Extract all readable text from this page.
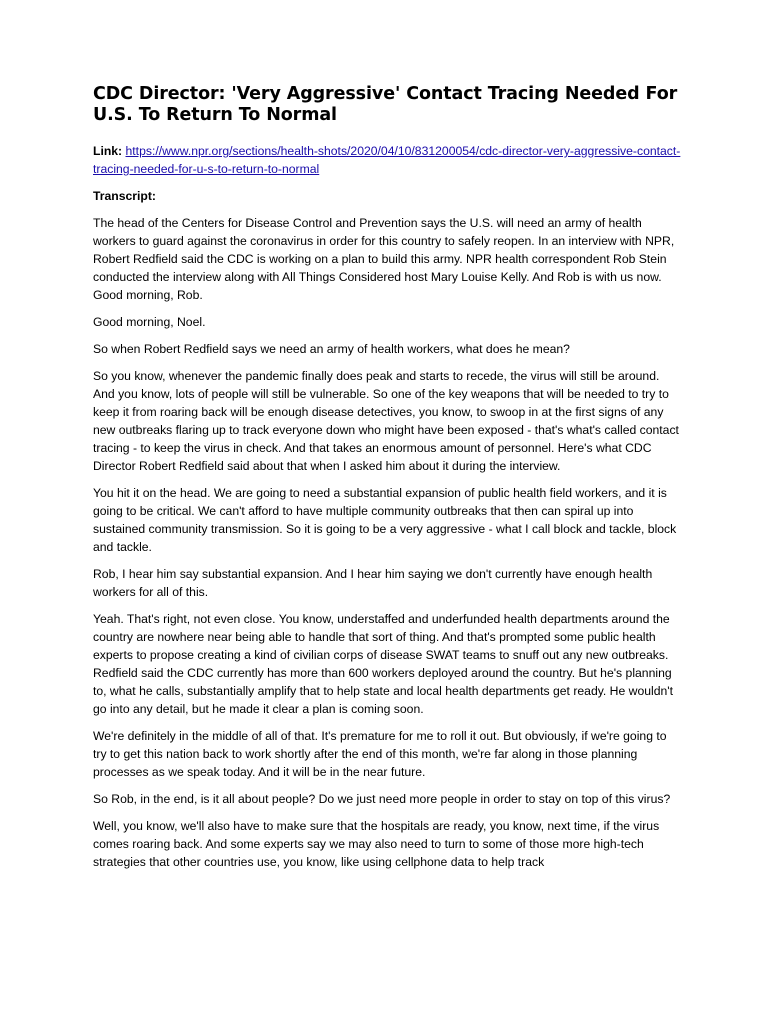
CDC Director: 'Very Aggressive' Contact Tracing Needed For U.S. To Return To Normal

Link: https://www.npr.org/sections/health-shots/2020/04/10/831200054/cdc-director-very-aggressive-contact-tracing-needed-for-u-s-to-return-to-normal

Transcript:

The head of the Centers for Disease Control and Prevention says the U.S. will need an army of health workers to guard against the coronavirus in order for this country to safely reopen. In an interview with NPR, Robert Redfield said the CDC is working on a plan to build this army. NPR health correspondent Rob Stein conducted the interview along with All Things Considered host Mary Louise Kelly. And Rob is with us now. Good morning, Rob.

Good morning, Noel.

So when Robert Redfield says we need an army of health workers, what does he mean?

So you know, whenever the pandemic finally does peak and starts to recede, the virus will still be around. And you know, lots of people will still be vulnerable. So one of the key weapons that will be needed to try to keep it from roaring back will be enough disease detectives, you know, to swoop in at the first signs of any new outbreaks flaring up to track everyone down who might have been exposed - that's what's called contact tracing - to keep the virus in check. And that takes an enormous amount of personnel. Here's what CDC Director Robert Redfield said about that when I asked him about it during the interview.

You hit it on the head. We are going to need a substantial expansion of public health field workers, and it is going to be critical. We can't afford to have multiple community outbreaks that then can spiral up into sustained community transmission. So it is going to be a very aggressive - what I call block and tackle, block and tackle.

Rob, I hear him say substantial expansion. And I hear him saying we don't currently have enough health workers for all of this.

Yeah. That's right, not even close. You know, understaffed and underfunded health departments around the country are nowhere near being able to handle that sort of thing. And that's prompted some public health experts to propose creating a kind of civilian corps of disease SWAT teams to snuff out any new outbreaks. Redfield said the CDC currently has more than 600 workers deployed around the country. But he's planning to, what he calls, substantially amplify that to help state and local health departments get ready. He wouldn't go into any detail, but he made it clear a plan is coming soon.

We're definitely in the middle of all of that. It's premature for me to roll it out. But obviously, if we're going to try to get this nation back to work shortly after the end of this month, we're far along in those planning processes as we speak today. And it will be in the near future.

So Rob, in the end, is it all about people? Do we just need more people in order to stay on top of this virus?

Well, you know, we'll also have to make sure that the hospitals are ready, you know, next time, if the virus comes roaring back. And some experts say we may also need to turn to some of those more high-tech strategies that other countries use, you know, like using cellphone data to help track
